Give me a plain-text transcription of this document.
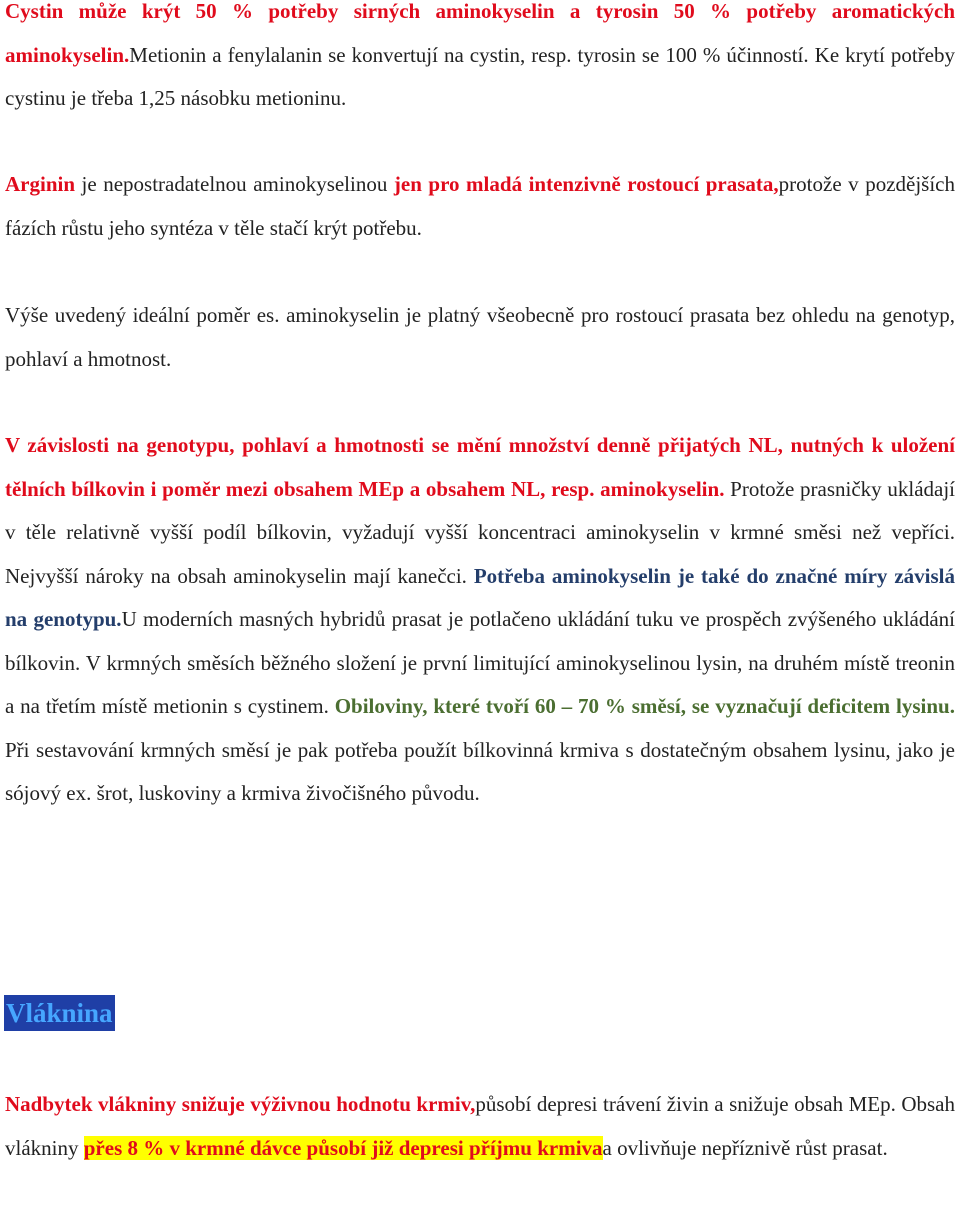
Cystin může krýt 50 % potřeby sirných aminokyselin a tyrosin 50 % potřeby aromatických aminokyselin.Metionin a fenylalanin se konvertují na cystin, resp. tyrosin se 100 % účinností. Ke krytí potřeby cystinu je třeba 1,25 násobku metioninu.

Arginin je nepostradatelnou aminokyselinou jen pro mladá intenzivně rostoucí prasata,protože v pozdějších fázích růstu jeho syntéza v těle stačí krýt potřebu.

Výše uvedený ideální poměr es. aminokyselin je platný všeobecně pro rostoucí prasata bez ohledu na genotyp, pohlaví a hmotnost.

V závislosti na genotypu, pohlaví a hmotnosti se mění množství denně přijatých NL, nutných k uložení tělních bílkovin i poměr mezi obsahem MEp a obsahem NL, resp. aminokyselin. Protože prasničky ukládají v těle relativně vyšší podíl bílkovin, vyžadují vyšší koncentraci aminokyselin v krmné směsi než vepříci. Nejvyšší nároky na obsah aminokyselin mají kanečci. Potřeba aminokyselin je také do značné míry závislá na genotypu.U moderních masných hybridů prasat je potlačeno ukládání tuku ve prospěch zvýšeného ukládání bílkovin. V krmných směsích běžného složení je první limitující aminokyselinou lysin, na druhém místě treonin a na třetím místě metionin s cystinem. Obiloviny, které tvoří 60 – 70 % směsí, se vyznačují deficitem lysinu. Při sestavování krmných směsí je pak potřeba použít bílkovinná krmiva s dostatečným obsahem lysinu, jako je sójový ex. šrot, luskoviny a krmiva živočišného původu.

Vláknina

Nadbytek vlákniny snižuje výživnou hodnotu krmiv,působí depresi trávení živin a snižuje obsah MEp. Obsah vlákniny přes 8 % v krmné dávce působí již depresi příjmu krmivaa ovlivňuje nepříznivě růst prasat.
